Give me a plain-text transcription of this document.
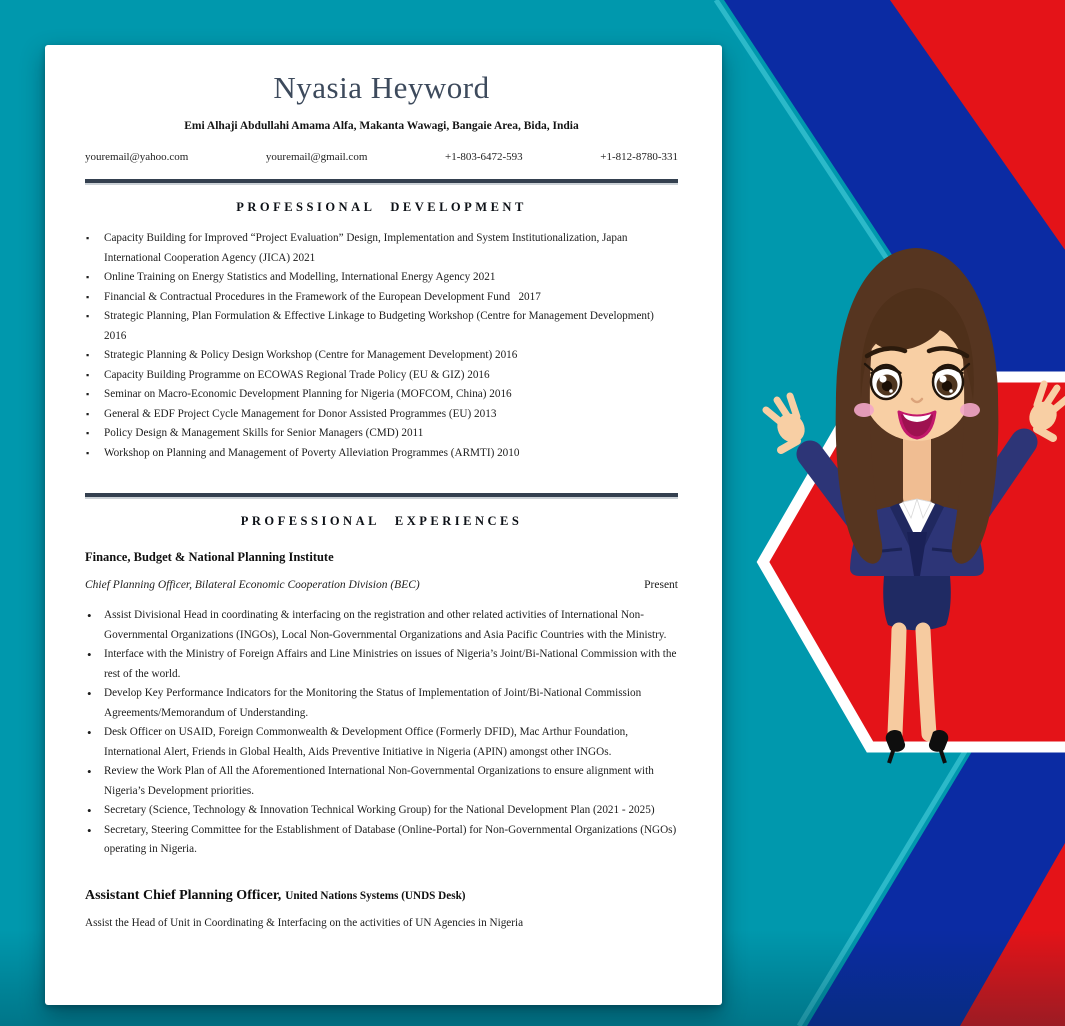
Nyasia Heyword
Emi Alhaji Abdullahi Amama Alfa, Makanta Wawagi, Bangaie Area, Bida, India
youremail@yahoo.com	youremail@gmail.com	+1-803-6472-593	+1-812-8780-331
PROFESSIONAL DEVELOPMENT
▪ Capacity Building for Improved “Project Evaluation” Design, Implementation and System Institutionalization, Japan International Cooperation Agency (JICA) 2021
▪ Online Training on Energy Statistics and Modelling, International Energy Agency 2021
▪ Financial & Contractual Procedures in the Framework of the European Development Fund   2017
▪ Strategic Planning, Plan Formulation & Effective Linkage to Budgeting Workshop (Centre for Management Development) 2016
▪ Strategic Planning & Policy Design Workshop (Centre for Management Development) 2016
▪ Capacity Building Programme on ECOWAS Regional Trade Policy (EU & GIZ) 2016
▪ Seminar on Macro-Economic Development Planning for Nigeria (MOFCOM, China) 2016
▪ General & EDF Project Cycle Management for Donor Assisted Programmes (EU) 2013
▪ Policy Design & Management Skills for Senior Managers (CMD) 2011
▪ Workshop on Planning and Management of Poverty Alleviation Programmes (ARMTI) 2010
PROFESSIONAL EXPERIENCES
Finance, Budget & National Planning Institute
Chief Planning Officer, Bilateral Economic Cooperation Division (BEC)	Present
• Assist Divisional Head in coordinating & interfacing on the registration and other related activities of International Non-Governmental Organizations (INGOs), Local Non-Governmental Organizations and Asia Pacific Countries with the Ministry.
• Interface with the Ministry of Foreign Affairs and Line Ministries on issues of Nigeria’s Joint/Bi-National Commission with the rest of the world.
• Develop Key Performance Indicators for the Monitoring the Status of Implementation of Joint/Bi-National Commission Agreements/Memorandum of Understanding.
• Desk Officer on USAID, Foreign Commonwealth & Development Office (Formerly DFID), Mac Arthur Foundation, International Alert, Friends in Global Health, Aids Preventive Initiative in Nigeria (APIN) amongst other INGOs.
• Review the Work Plan of All the Aforementioned International Non-Governmental Organizations to ensure alignment with Nigeria’s Development priorities.
• Secretary (Science, Technology & Innovation Technical Working Group) for the National Development Plan (2021 - 2025)
• Secretary, Steering Committee for the Establishment of Database (Online-Portal) for Non-Governmental Organizations (NGOs) operating in Nigeria.
Assistant Chief Planning Officer, United Nations Systems (UNDS Desk)
Assist the Head of Unit in Coordinating & Interfacing on the activities of UN Agencies in Nigeria
